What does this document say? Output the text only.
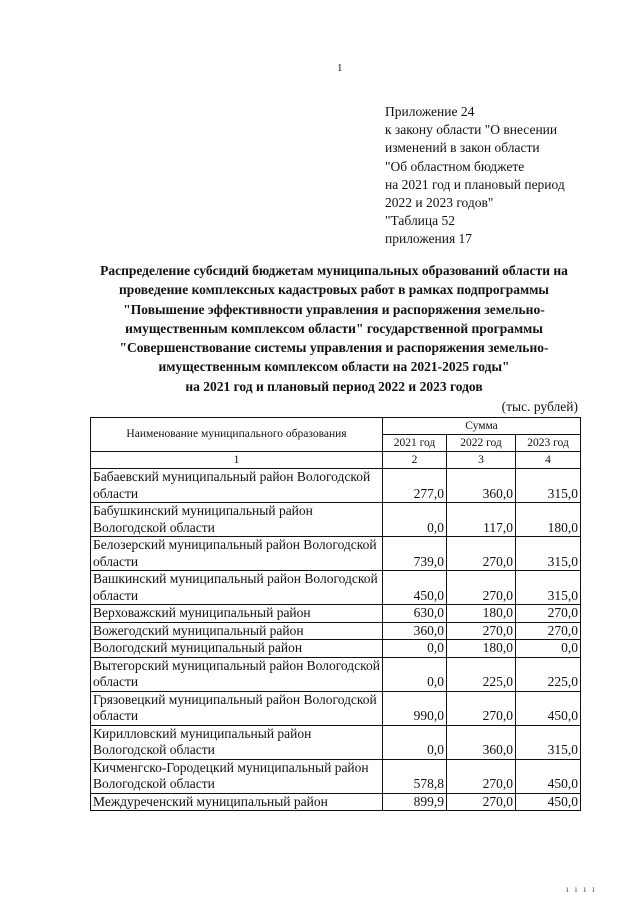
1
Приложение 24
к закону области "О внесении
изменений в закон области
"Об областном бюджете
на 2021 год и плановый период
2022 и 2023 годов"
"Таблица 52
приложения 17
Распределение субсидий бюджетам муниципальных образований области на
проведение комплексных кадастровых работ в рамках подпрограммы
"Повышение эффективности управления и распоряжения земельно-
имущественным комплексом области" государственной программы
"Совершенствование системы управления и распоряжения земельно-
имущественным комплексом области на 2021-2025 годы"
на 2021 год и плановый период 2022 и 2023 годов
(тыс. рублей)
Наименование муниципального образования	Сумма		
	2021 год	2022 год	2023 год
1	2	3	4
Бабаевский муниципальный район Вологодской области	277,0	360,0	315,0
Бабушкинский муниципальный район Вологодской области	0,0	117,0	180,0
Белозерский муниципальный район Вологодской области	739,0	270,0	315,0
Вашкинский муниципальный район Вологодской области	450,0	270,0	315,0
Верховажский муниципальный район	630,0	180,0	270,0
Вожегодский муниципальный район	360,0	270,0	270,0
Вологодский муниципальный район	0,0	180,0	0,0
Вытегорский муниципальный район Вологодской области	0,0	225,0	225,0
Грязовецкий муниципальный район Вологодской области	990,0	270,0	450,0
Кирилловский муниципальный район Вологодской области	0,0	360,0	315,0
Кичменгско-Городецкий муниципальный район Вологодской области	578,8	270,0	450,0
Междуреченский муниципальный район	899,9	270,0	450,0
ı ı ı ı
